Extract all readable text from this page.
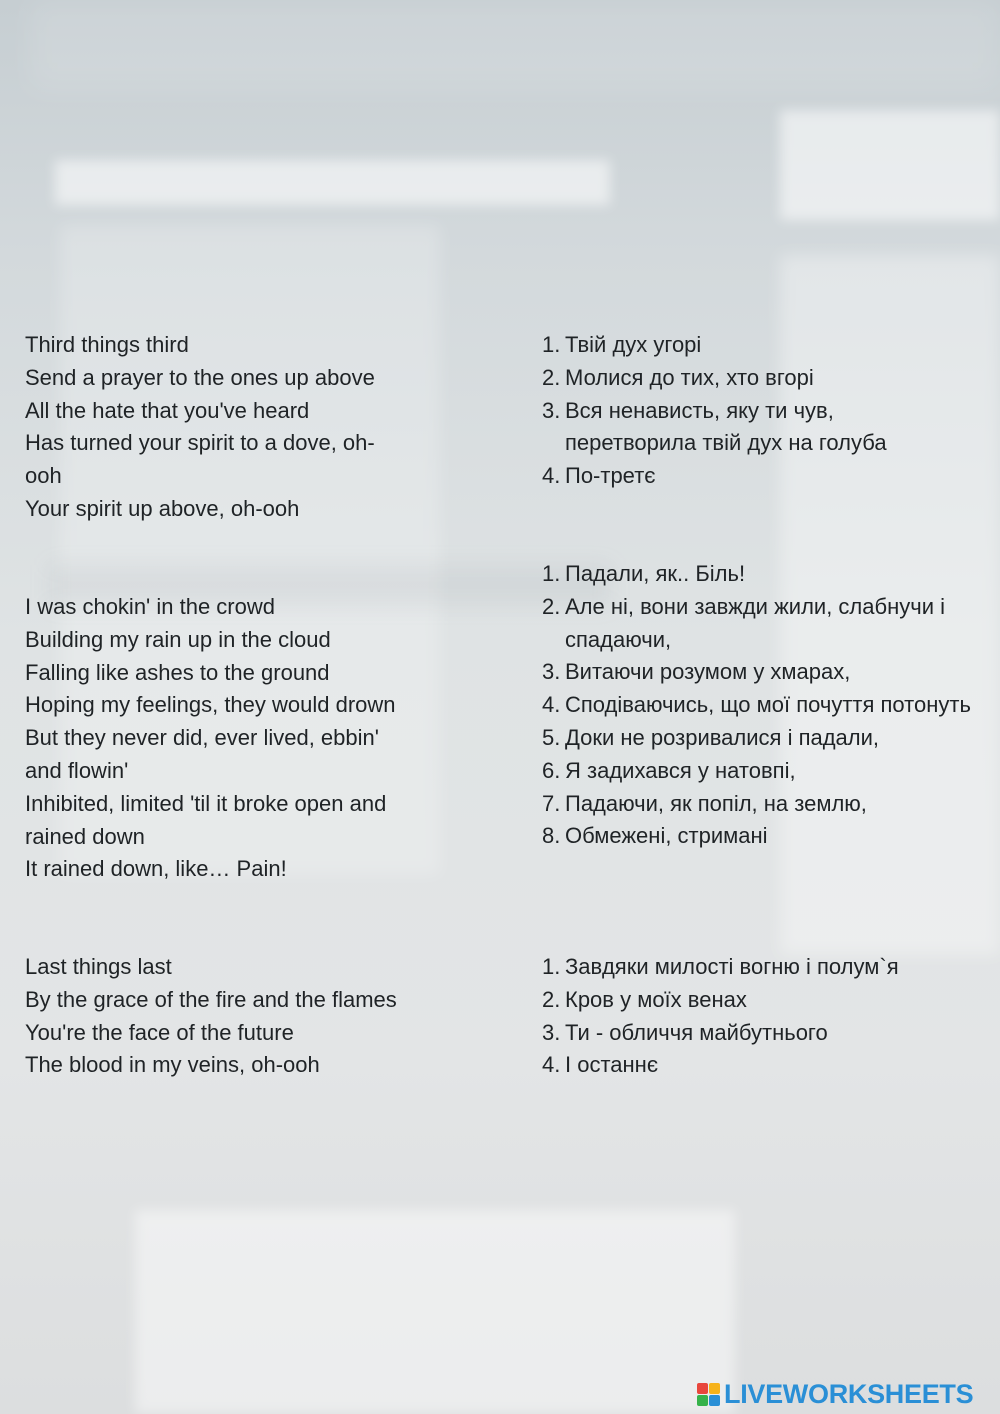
Third things third

Send a prayer to the ones up above

All the hate that you've heard

Has turned your spirit to a dove, oh-

ooh

Your spirit up above, oh-ooh

1. Твій дух угорі
2. Молися до тих, хто вгорі
3. Вся ненависть, яку ти чув, перетворила твій дух на голуба
4. По-третє

I was chokin' in the crowd

Building my rain up in the cloud

Falling like ashes to the ground

Hoping my feelings, they would drown

But they never did, ever lived, ebbin'

and flowin'

Inhibited, limited 'til it broke open and

rained down

It rained down, like… Pain!

1. Падали, як.. Біль!
2. Але ні, вони завжди жили, слабнучи і спадаючи,
3. Витаючи розумом у хмарах,
4. Сподіваючись, що мої почуття потонуть
5. Доки не розривалися і падали,
6. Я задихався у натовпі,
7. Падаючи, як попіл, на землю,
8. Обмежені, стримані

Last things last

By the grace of the fire and the flames

You're the face of the future

The blood in my veins, oh-ooh

1. Завдяки милості вогню і полум`я
2. Кров у моїх венах
3. Ти - обличчя майбутнього
4. І останнє
LIVEWORKSHEETS
